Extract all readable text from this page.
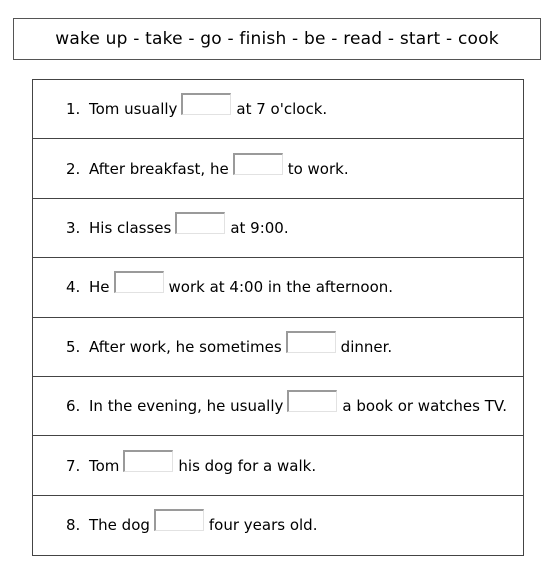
wake up - take - go - finish - be - read - start - cook
1. Tom usually	at 7 o'clock.
2. After breakfast, he	to work.
3. His classes	at 9:00.
4. He	work at 4:00 in the afternoon.
5. After work, he sometimes	dinner.
6. In the evening, he usually	a book or watches TV.
7. Tom	his dog for a walk.
8. The dog	four years old.
